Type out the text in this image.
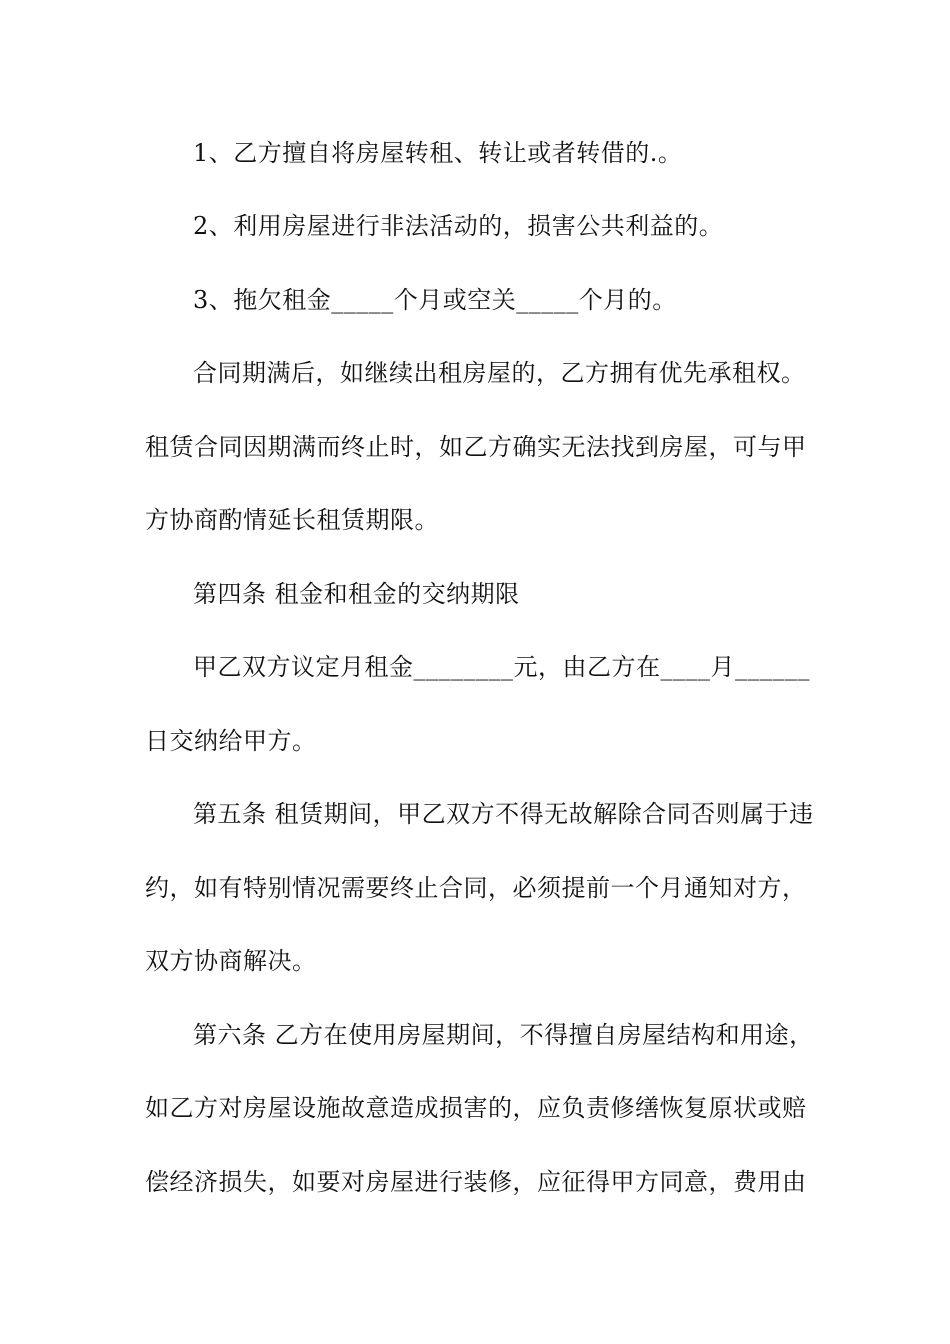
1、乙方擅自将房屋转租、转让或者转借的.。
2、利用房屋进行非法活动的，损害公共利益的。
3、拖欠租金_____个月或空关_____个月的。
合同期满后，如继续出租房屋的，乙方拥有优先承租权。
租赁合同因期满而终止时，如乙方确实无法找到房屋，可与甲
方协商酌情延长租赁期限。
第四条 租金和租金的交纳期限
甲乙双方议定月租金________元，由乙方在____月______
日交纳给甲方。
第五条 租赁期间，甲乙双方不得无故解除合同否则属于违
约，如有特别情况需要终止合同，必须提前一个月通知对方，
双方协商解决。
第六条 乙方在使用房屋期间，不得擅自房屋结构和用途，
如乙方对房屋设施故意造成损害的，应负责修缮恢复原状或赔
偿经济损失，如要对房屋进行装修，应征得甲方同意，费用由
